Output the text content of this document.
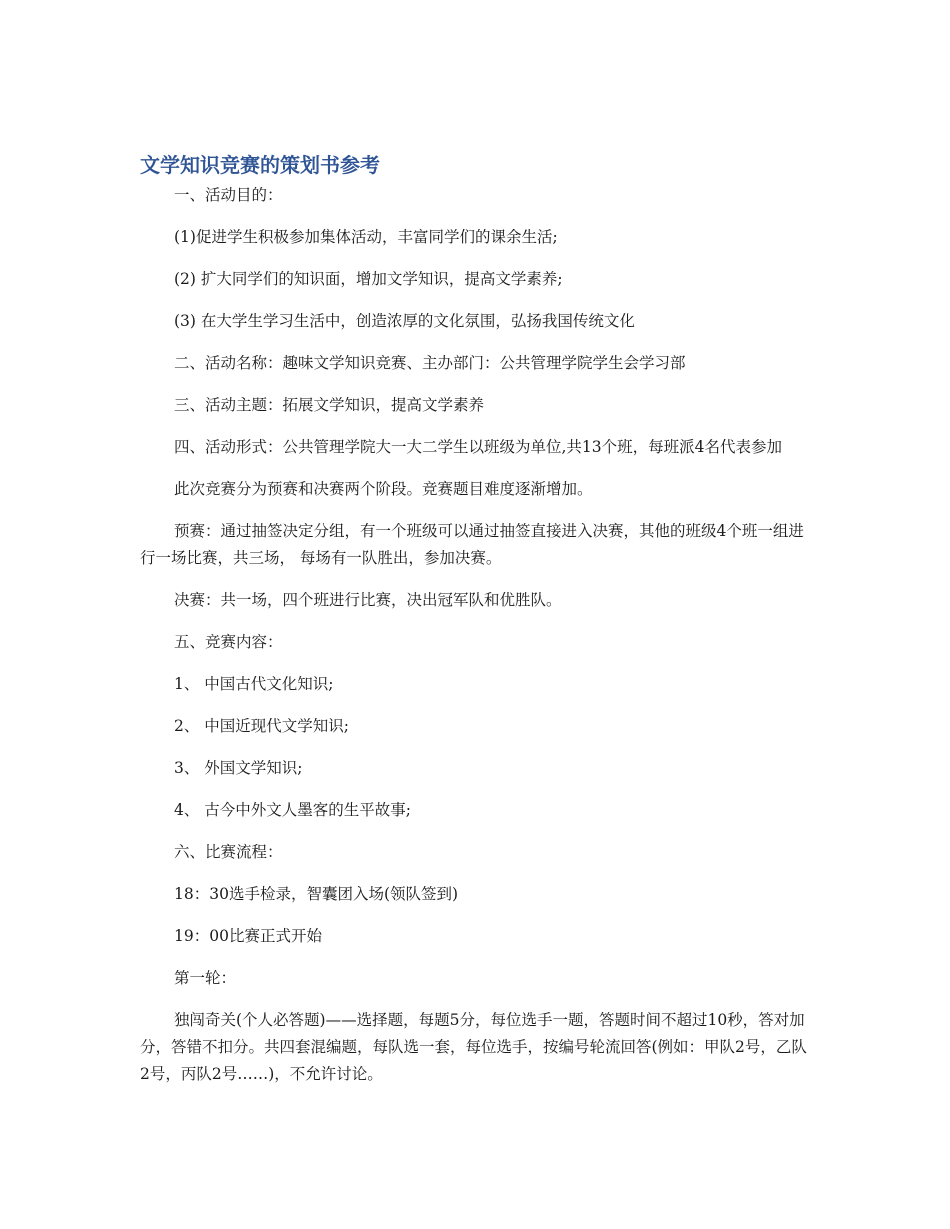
文学知识竞赛的策划书参考

一、活动目的：

(1)促进学生积极参加集体活动，丰富同学们的课余生活;

(2) 扩大同学们的知识面，增加文学知识，提高文学素养;

(3) 在大学生学习生活中，创造浓厚的文化氛围，弘扬我国传统文化

二、活动名称：趣味文学知识竞赛、主办部门：公共管理学院学生会学习部

三、活动主题：拓展文学知识，提高文学素养

四、活动形式：公共管理学院大一大二学生以班级为单位,共13个班，每班派4名代表参加

此次竞赛分为预赛和决赛两个阶段。竞赛题目难度逐渐增加。

预赛：通过抽签决定分组，有一个班级可以通过抽签直接进入决赛，其他的班级4个班一组进行一场比赛，共三场， 每场有一队胜出，参加决赛。

决赛：共一场，四个班进行比赛，决出冠军队和优胜队。

五、竞赛内容：

1、 中国古代文化知识;

2、 中国近现代文学知识;

3、 外国文学知识;

4、 古今中外文人墨客的生平故事;

六、比赛流程：

18：30选手检录，智囊团入场(领队签到)

19：00比赛正式开始

第一轮：

独闯奇关(个人必答题)——选择题，每题5分，每位选手一题，答题时间不超过10秒，答对加分，答错不扣分。共四套混编题，每队选一套，每位选手，按编号轮流回答(例如：甲队2号，乙队2号，丙队2号……)，不允许讨论。
